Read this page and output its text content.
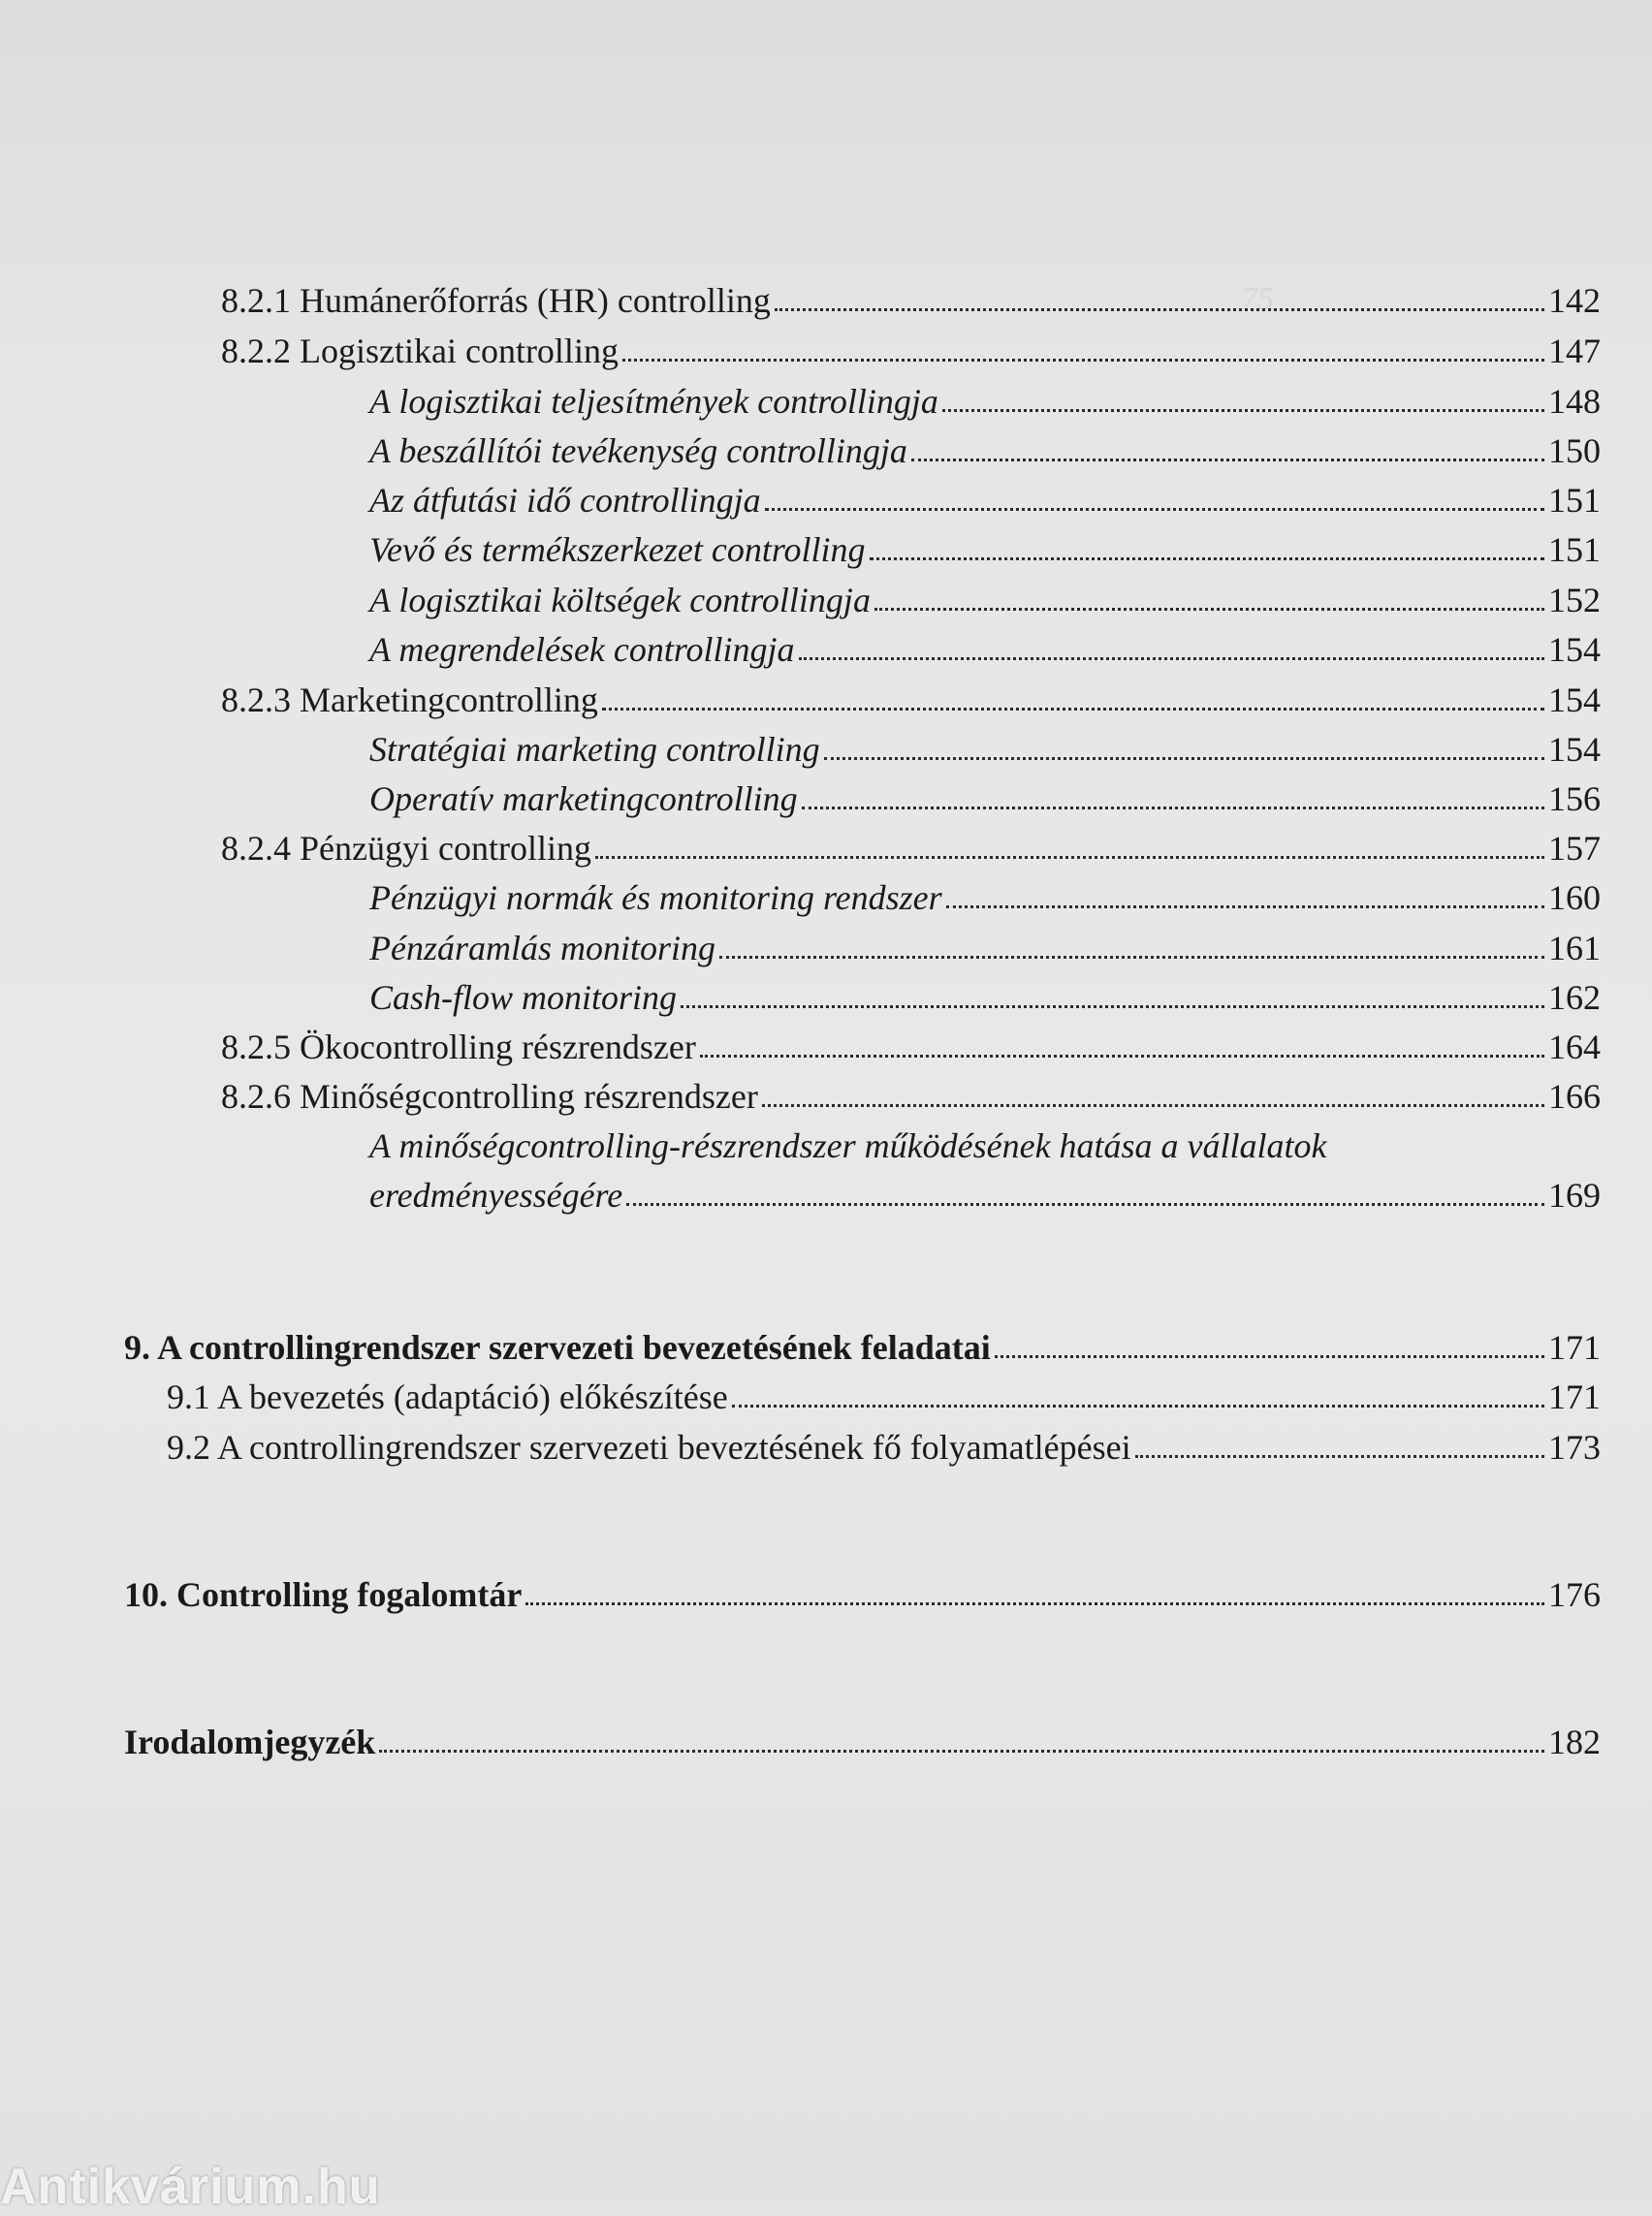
75
8.2.1 Humánerőforrás (HR) controlling	142
8.2.2 Logisztikai controlling	147
A logisztikai teljesítmények controllingja	148
A beszállítói tevékenység controllingja	150
Az átfutási idő controllingja	151
Vevő és termékszerkezet controlling	151
A logisztikai költségek controllingja	152
A megrendelések controllingja	154
8.2.3 Marketingcontrolling	154
Stratégiai marketing controlling	154
Operatív marketingcontrolling	156
8.2.4 Pénzügyi controlling	157
Pénzügyi normák és monitoring rendszer	160
Pénzáramlás monitoring	161
Cash-flow monitoring	162
8.2.5 Ökocontrolling részrendszer	164
8.2.6 Minőségcontrolling részrendszer	166
A minőségcontrolling-részrendszer működésének hatása a vállalatok
eredményességére	169
9. A controllingrendszer szervezeti bevezetésének feladatai	171
9.1 A bevezetés (adaptáció) előkészítése	171
9.2 A controllingrendszer szervezeti beveztésének fő folyamatlépései	173
10. Controlling fogalomtár	176
Irodalomjegyzék	182
Antikvárium.hu
